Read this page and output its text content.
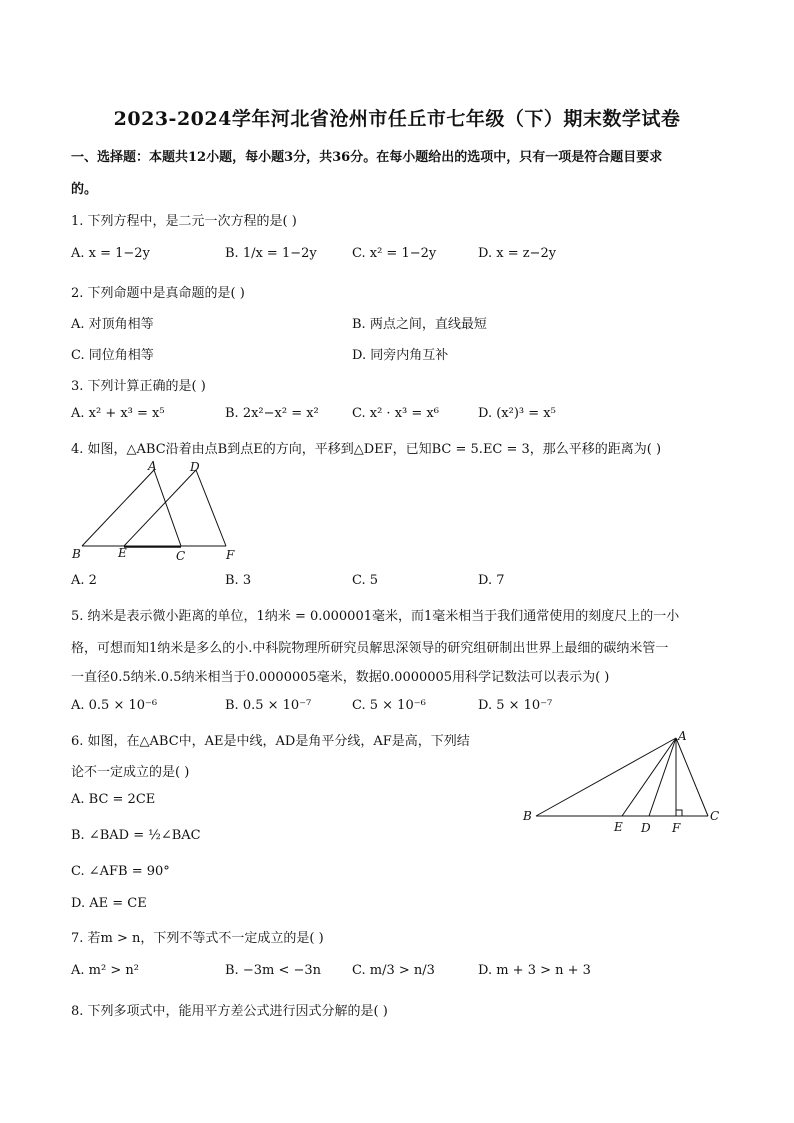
2023-2024学年河北省沧州市任丘市七年级（下）期末数学试卷
一、选择题：本题共12小题，每小题3分，共36分。在每小题给出的选项中，只有一项是符合题目要求
的。
1. 下列方程中，是二元一次方程的是( )
A. x = 1−2y	B. 1/x = 1−2y	C. x² = 1−2y	D. x = z−2y
2. 下列命题中是真命题的是( )
A. 对顶角相等	B. 两点之间，直线最短
C. 同位角相等	D. 同旁内角互补
3. 下列计算正确的是( )
A. x² + x³ = x⁵	B. 2x²−x² = x²	C. x² · x³ = x⁶	D. (x²)³ = x⁵
4. 如图，△ABC沿着由点B到点E的方向，平移到△DEF，已知BC = 5.EC = 3，那么平移的距离为( )
A	D
B	E	C	F
A. 2	B. 3	C. 5	D. 7
5. 纳米是表示微小距离的单位，1纳米 = 0.000001毫米，而1毫米相当于我们通常使用的刻度尺上的一小
格，可想而知1纳米是多么的小.中科院物理所研究员解思深领导的研究组研制出世界上最细的碳纳米管一
一直径0.5纳米.0.5纳米相当于0.0000005毫米，数据0.0000005用科学记数法可以表示为( )
A. 0.5 × 10⁻⁶	B. 0.5 × 10⁻⁷	C. 5 × 10⁻⁶	D. 5 × 10⁻⁷
6. 如图，在△ABC中，AE是中线，AD是角平分线，AF是高，下列结
论不一定成立的是( )
A
B
E D F
C
A. BC = 2CE
B. ∠BAD = ½∠BAC
C. ∠AFB = 90°
D. AE = CE
7. 若m > n，下列不等式不一定成立的是( )
A. m² > n²	B. −3m < −3n C. m/3 > n/3	D. m + 3 > n + 3
8. 下列多项式中，能用平方差公式进行因式分解的是( )
